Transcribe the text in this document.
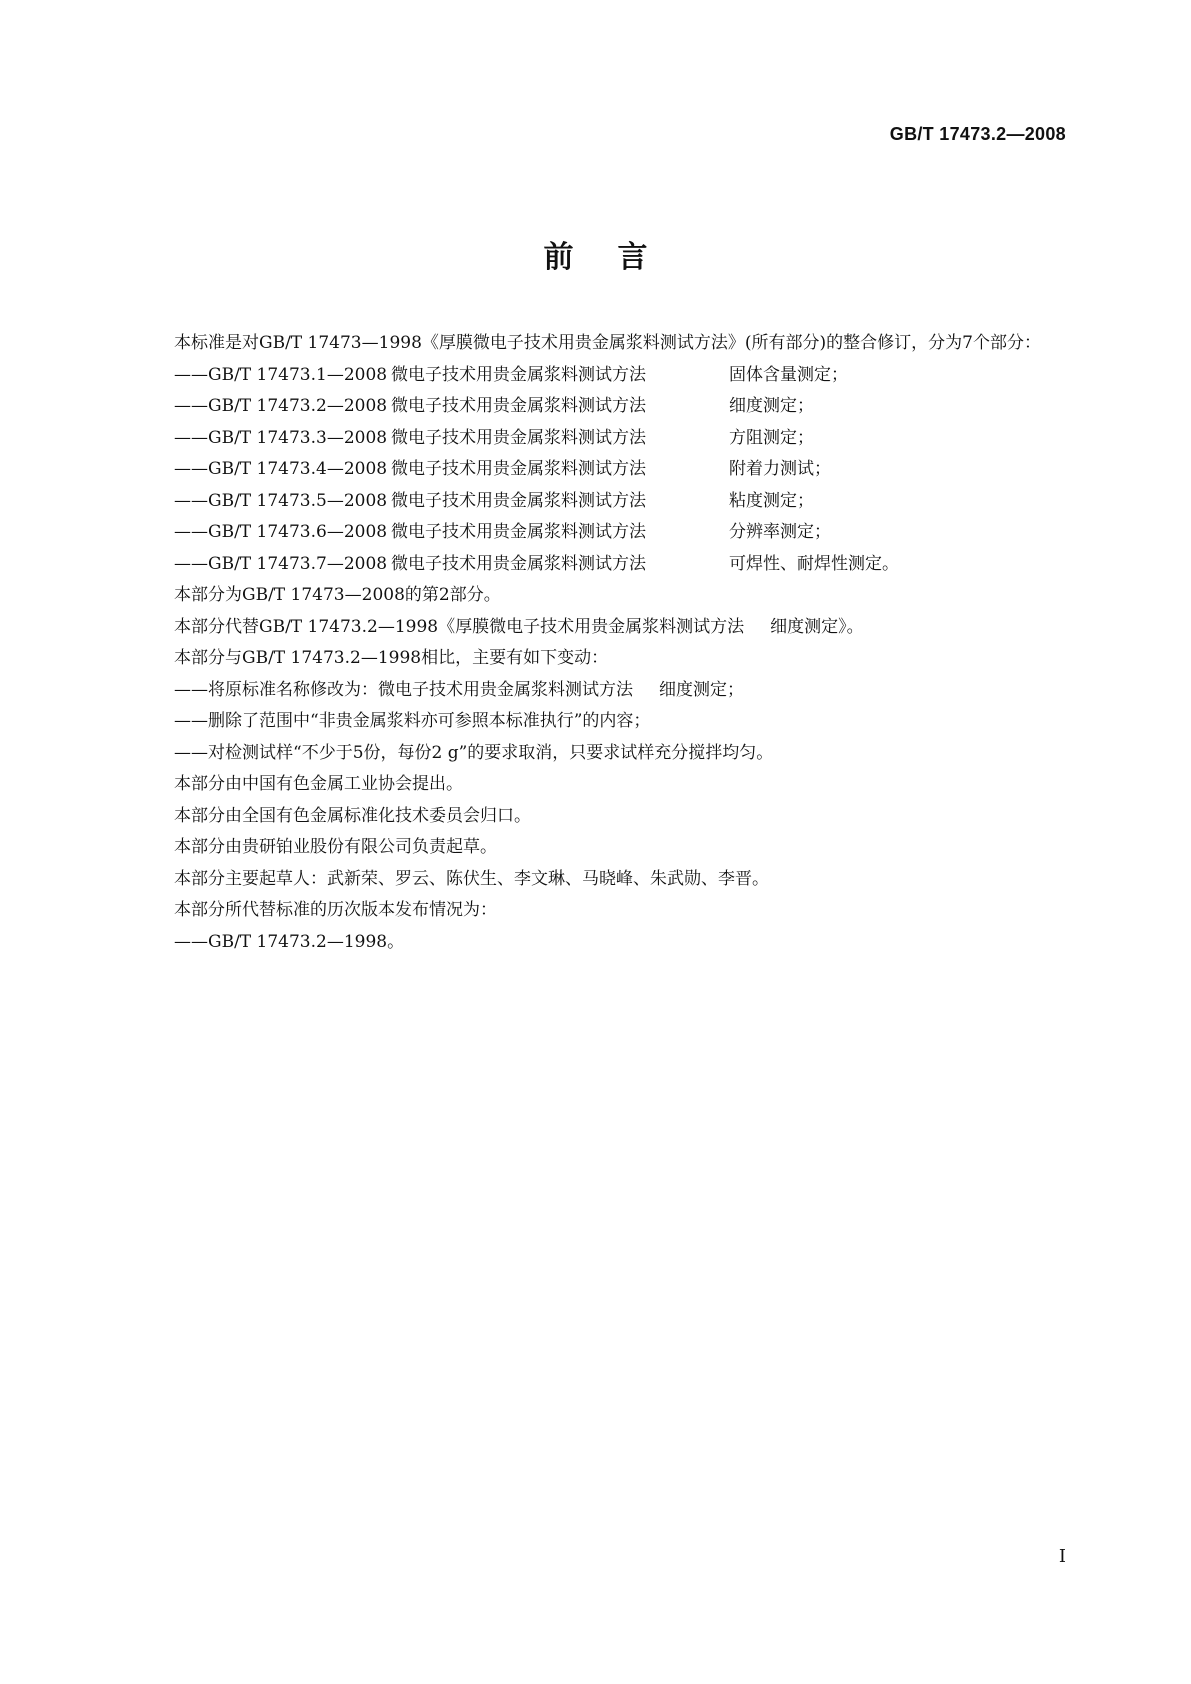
GB/T 17473.2—2008
前言

本标准是对GB/T 17473—1998《厚膜微电子技术用贵金属浆料测试方法》(所有部分)的整合修订，分为7个部分：

——GB/T 17473.1—2008 微电子技术用贵金属浆料测试方法	固体含量测定；

——GB/T 17473.2—2008 微电子技术用贵金属浆料测试方法	细度测定；

——GB/T 17473.3—2008 微电子技术用贵金属浆料测试方法	方阻测定；

——GB/T 17473.4—2008 微电子技术用贵金属浆料测试方法	附着力测试；

——GB/T 17473.5—2008 微电子技术用贵金属浆料测试方法	粘度测定；

——GB/T 17473.6—2008 微电子技术用贵金属浆料测试方法	分辨率测定；

——GB/T 17473.7—2008 微电子技术用贵金属浆料测试方法	可焊性、耐焊性测定。

本部分为GB/T 17473—2008的第2部分。

本部分代替GB/T 17473.2—1998《厚膜微电子技术用贵金属浆料测试方法 细度测定》。

本部分与GB/T 17473.2—1998相比，主要有如下变动：

——将原标准名称修改为：微电子技术用贵金属浆料测试方法 细度测定；

——删除了范围中“非贵金属浆料亦可参照本标准执行”的内容；

——对检测试样“不少于5份，每份2 g”的要求取消，只要求试样充分搅拌均匀。

本部分由中国有色金属工业协会提出。

本部分由全国有色金属标准化技术委员会归口。

本部分由贵研铂业股份有限公司负责起草。

本部分主要起草人：武新荣、罗云、陈伏生、李文琳、马晓峰、朱武勋、李晋。

本部分所代替标准的历次版本发布情况为：

——GB/T 17473.2—1998。

I
